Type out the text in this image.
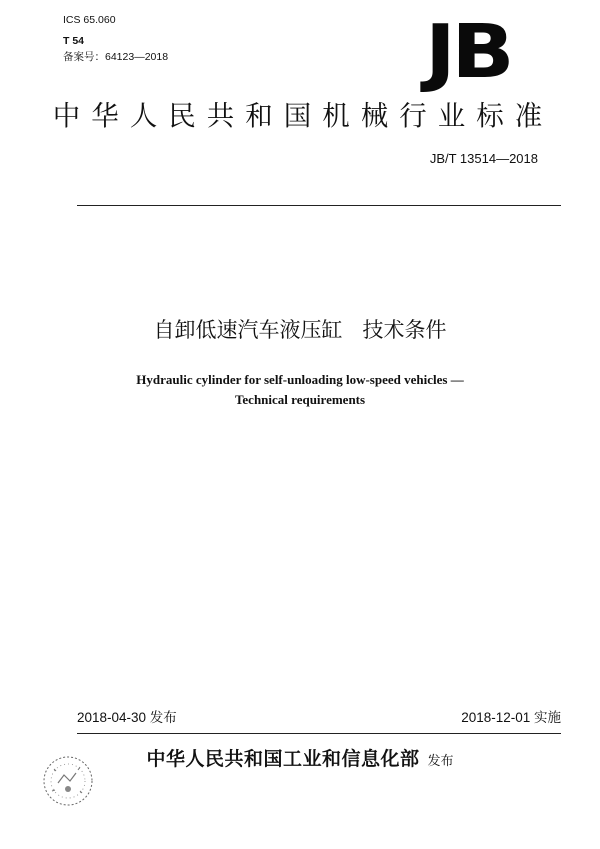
ICS 65.060
T 54
备案号：64123—2018	JB
中华人民共和国机械行业标准
JB/T 13514—2018
自卸低速汽车液压缸   技术条件
Hydraulic cylinder for self-unloading low-speed vehicles —
Technical requirements
2018-04-30 发布	2018-12-01 实施
中华人民共和国工业和信息化部 发布
